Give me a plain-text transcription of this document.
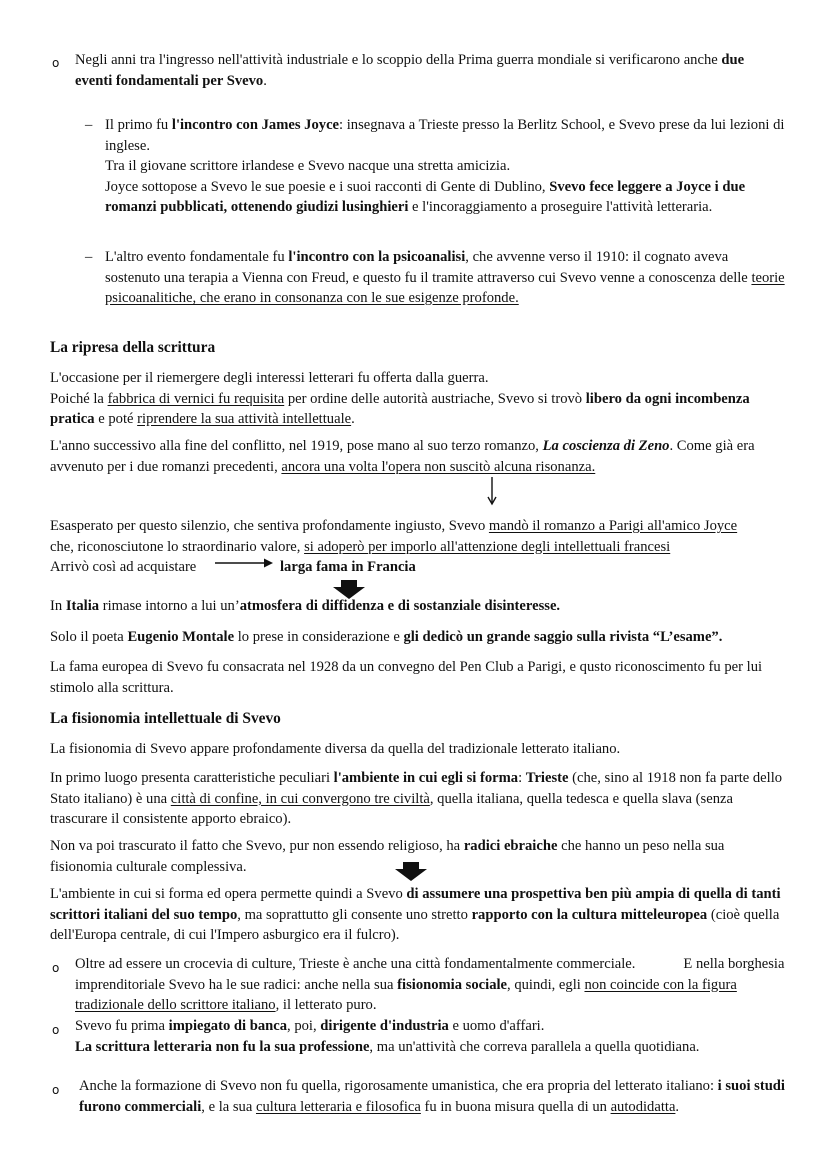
o	Negli anni tra l'ingresso nell'attività industriale e lo scoppio della Prima guerra mondiale si verificarono anche due eventi fondamentali per Svevo.

– Il primo fu l'incontro con James Joyce: insegnava a Trieste presso la Berlitz School, e Svevo prese da lui lezioni di inglese.
Tra il giovane scrittore irlandese e Svevo nacque una stretta amicizia.
Joyce sottopose a Svevo le sue poesie e i suoi racconti di Gente di Dublino, Svevo fece leggere a Joyce i due romanzi pubblicati, ottenendo giudizi lusinghieri e l'incoraggiamento a proseguire l'attività letteraria.
– L'altro evento fondamentale fu l'incontro con la psicoanalisi, che avvenne verso il 1910: il cognato aveva sostenuto una terapia a Vienna con Freud, e questo fu il tramite attraverso cui Svevo venne a conoscenza delle teorie psicoanalitiche, che erano in consonanza con le sue esigenze profonde.

La ripresa della scrittura
L'occasione per il riemergere degli interessi letterari fu offerta dalla guerra.
Poiché la fabbrica di vernici fu requisita per ordine delle autorità austriache, Svevo si trovò libero da ogni incombenza pratica e poté riprendere la sua attività intellettuale.

L'anno successivo alla fine del conflitto, nel 1919, pose mano al suo terzo romanzo, La coscienza di Zeno. Come già era avvenuto per i due romanzi precedenti, ancora una volta l'opera non suscitò alcuna risonanza.

Esasperato per questo silenzio, che sentiva profondamente ingiusto, Svevo mandò il romanzo a Parigi all'amico Joyce
che, riconosciutone lo straordinario valore, si adoperò per imporlo all'attenzione degli intellettuali francesi
Arrivò così ad acquistare	larga fama in Francia

In Italia rimase intorno a lui un’atmosfera di diffidenza e di sostanziale disinteresse.

Solo il poeta Eugenio Montale lo prese in considerazione e gli dedicò un grande saggio sulla rivista “L’esame”.

La fama europea di Svevo fu consacrata nel 1928 da un convegno del Pen Club a Parigi, e qusto riconoscimento fu per lui stimolo alla scrittura.

La fisionomia intellettuale di Svevo

La fisionomia di Svevo appare profondamente diversa da quella del tradizionale letterato italiano.

In primo luogo presenta caratteristiche peculiari l'ambiente in cui egli si forma: Trieste (che, sino al 1918 non fa parte dello Stato italiano) è una città di confine, in cui convergono tre civiltà, quella italiana, quella tedesca e quella slava (senza trascurare il consistente apporto ebraico).

Non va poi trascurato il fatto che Svevo, pur non essendo religioso, ha radici ebraiche che hanno un peso nella sua fisionomia culturale complessiva.

L'ambiente in cui si forma ed opera permette quindi a Svevo di assumere una prospettiva ben più ampia di quella di tanti scrittori italiani del suo tempo, ma soprattutto gli consente uno stretto rapporto con la cultura mitteleuropea (cioè quella dell'Europa centrale, di cui l'Impero asburgico era il fulcro).

o	Oltre ad essere un crocevia di culture, Trieste è anche una città fondamentalmente commerciale.	E nella borghesia imprenditoriale Svevo ha le sue radici: anche nella sua fisionomia sociale, quindi, egli non coincide con la figura tradizionale dello scrittore italiano, il letterato puro.

o	Svevo fu prima impiegato di banca, poi, dirigente d'industria e uomo d'affari.
La scrittura letteraria non fu la sua professione, ma un'attività che correva parallela a quella quotidiana.
o	Anche la formazione di Svevo non fu quella, rigorosamente umanistica, che era propria del letterato italiano: i suoi studi furono commerciali, e la sua cultura letteraria e filosofica fu in buona misura quella di un autodidatta.
